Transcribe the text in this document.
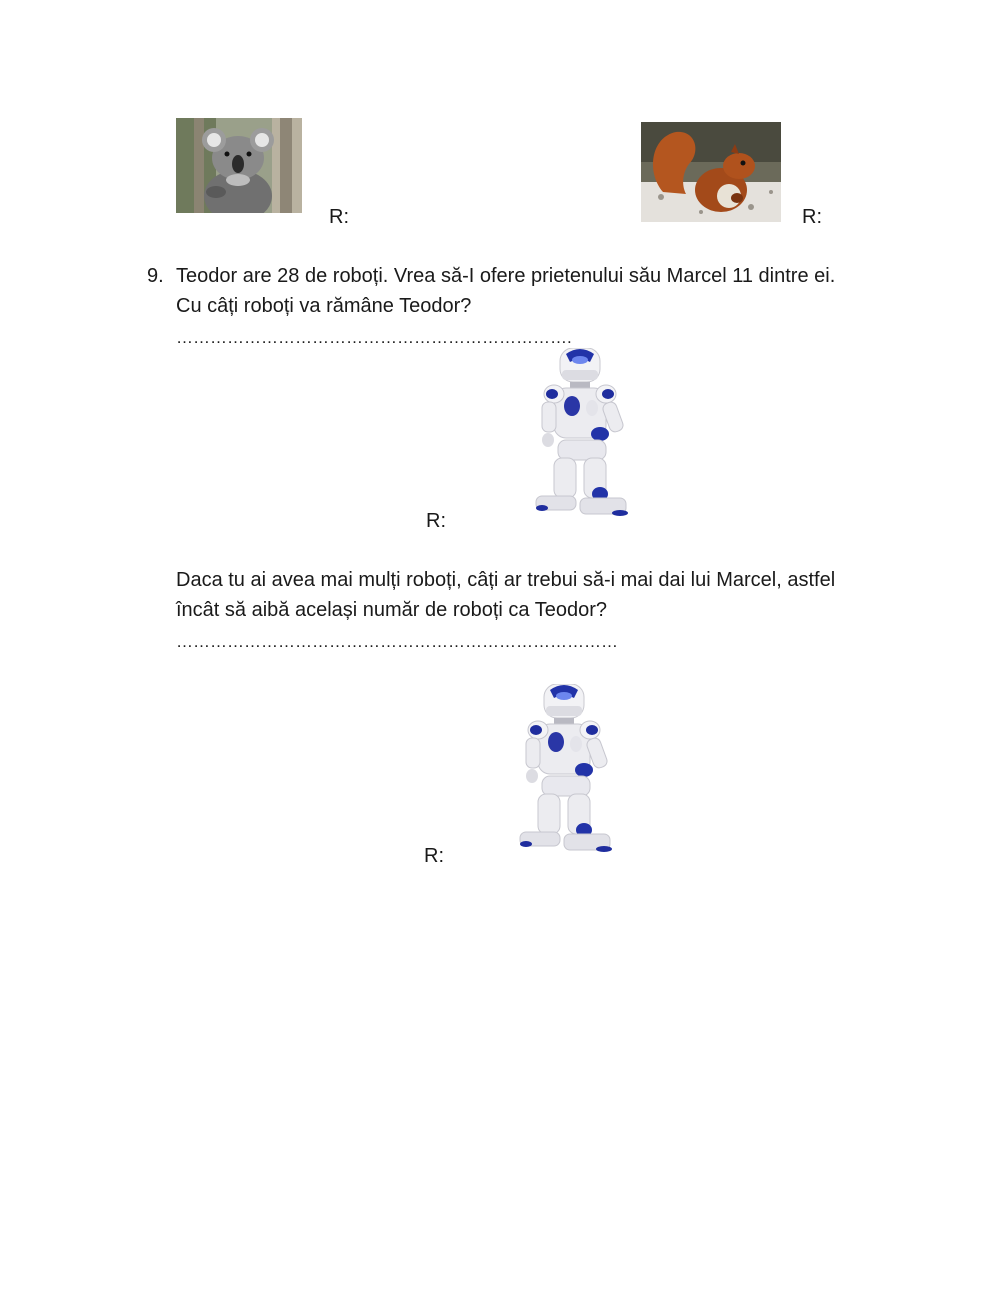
R:	R:
9. Teodor are 28 de roboți. Vrea să-I ofere prietenului său Marcel 11 dintre ei.
Cu câți roboți va rămâne Teodor?
…………………………………………………………….
R:
Daca tu ai avea mai mulți roboți, câți ar trebui să-i mai dai lui Marcel, astfel
încât să aibă același număr de roboți ca Teodor?
……………………………………………………………………
R:
